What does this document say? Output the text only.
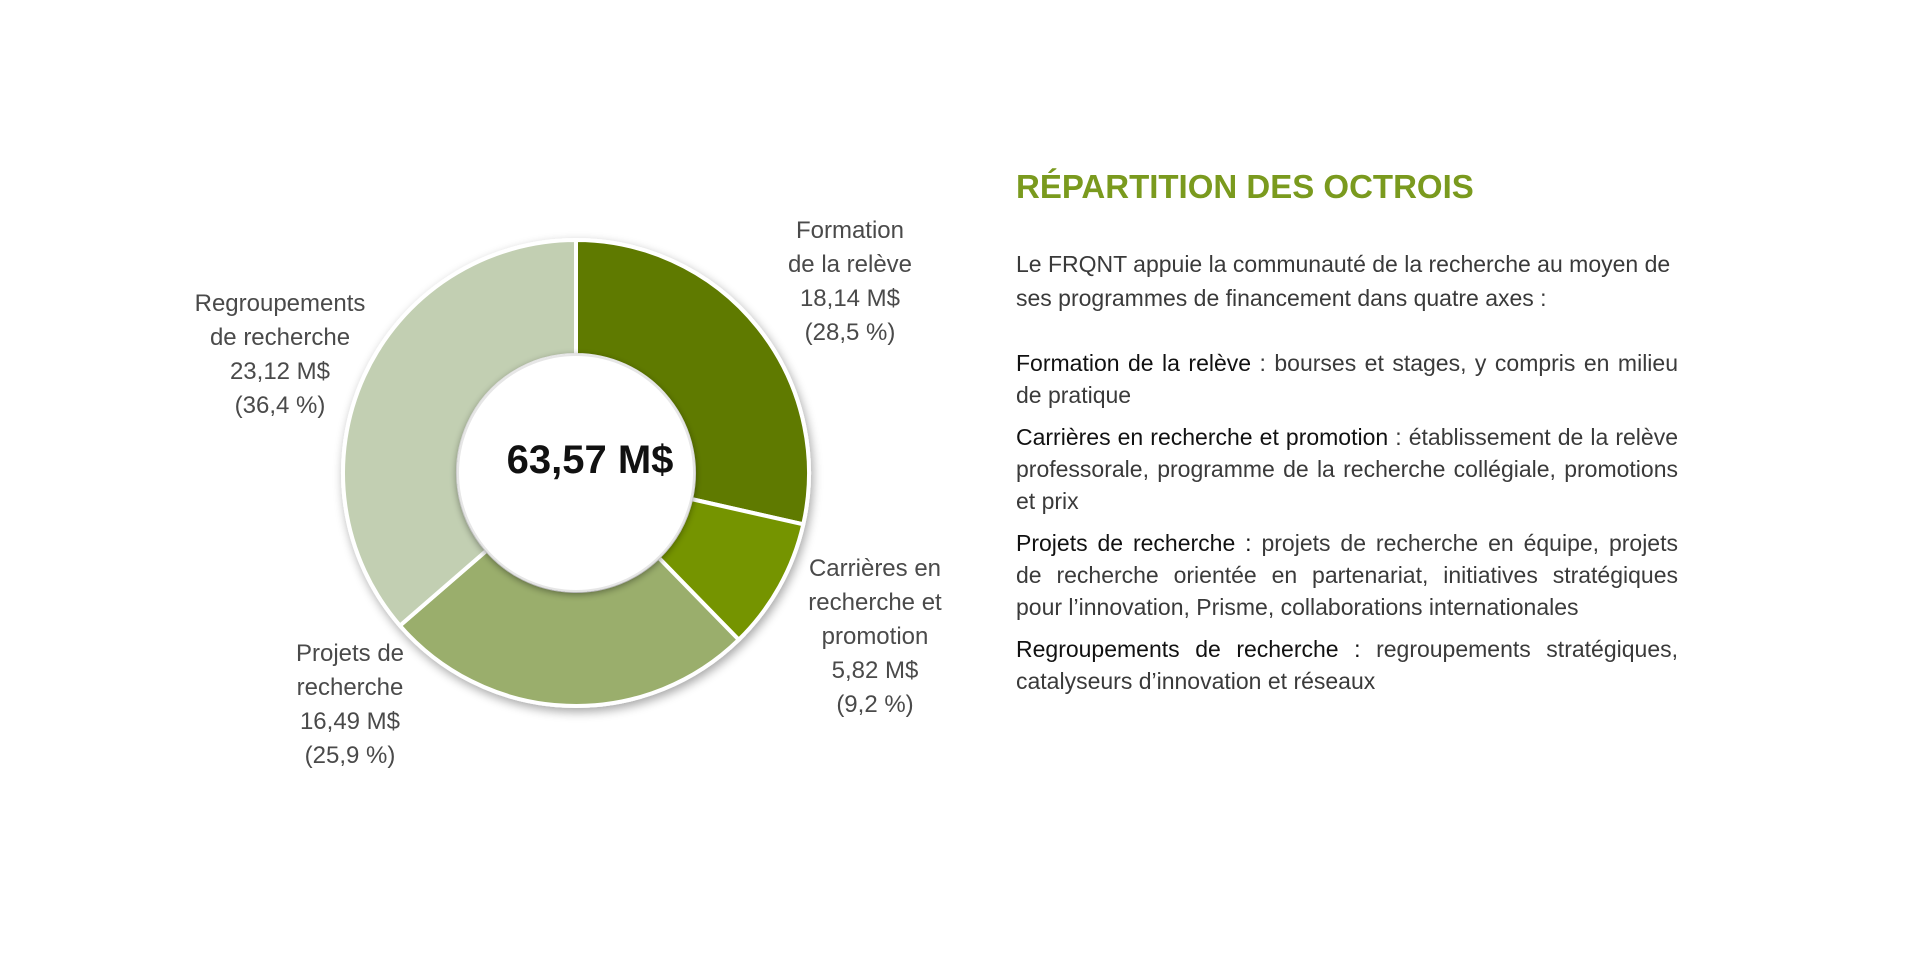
63,57 M$
Formation
de la relève
18,14 M$
(28,5 %)
Carrières en
recherche et
promotion
5,82 M$
(9,2 %)
Projets de
recherche
16,49 M$
(25,9 %)
Regroupements
de recherche
23,12 M$
(36,4 %)
RÉPARTITION DES OCTROIS

Le FRQNT appuie la communauté de la recherche au moyen de ses programmes de financement dans quatre axes :

Formation de la relève : bourses et stages, y compris en milieu de pratique

Carrières en recherche et promotion : établissement de la relève professorale, programme de la recherche collégiale, promotions et prix

Projets de recherche : projets de recherche en équipe, projets de recherche orientée en partenariat, initiatives stratégiques pour l’innovation, Prisme, collaborations internationales

Regroupements de recherche : regroupements stratégiques, catalyseurs d’innovation et réseaux
